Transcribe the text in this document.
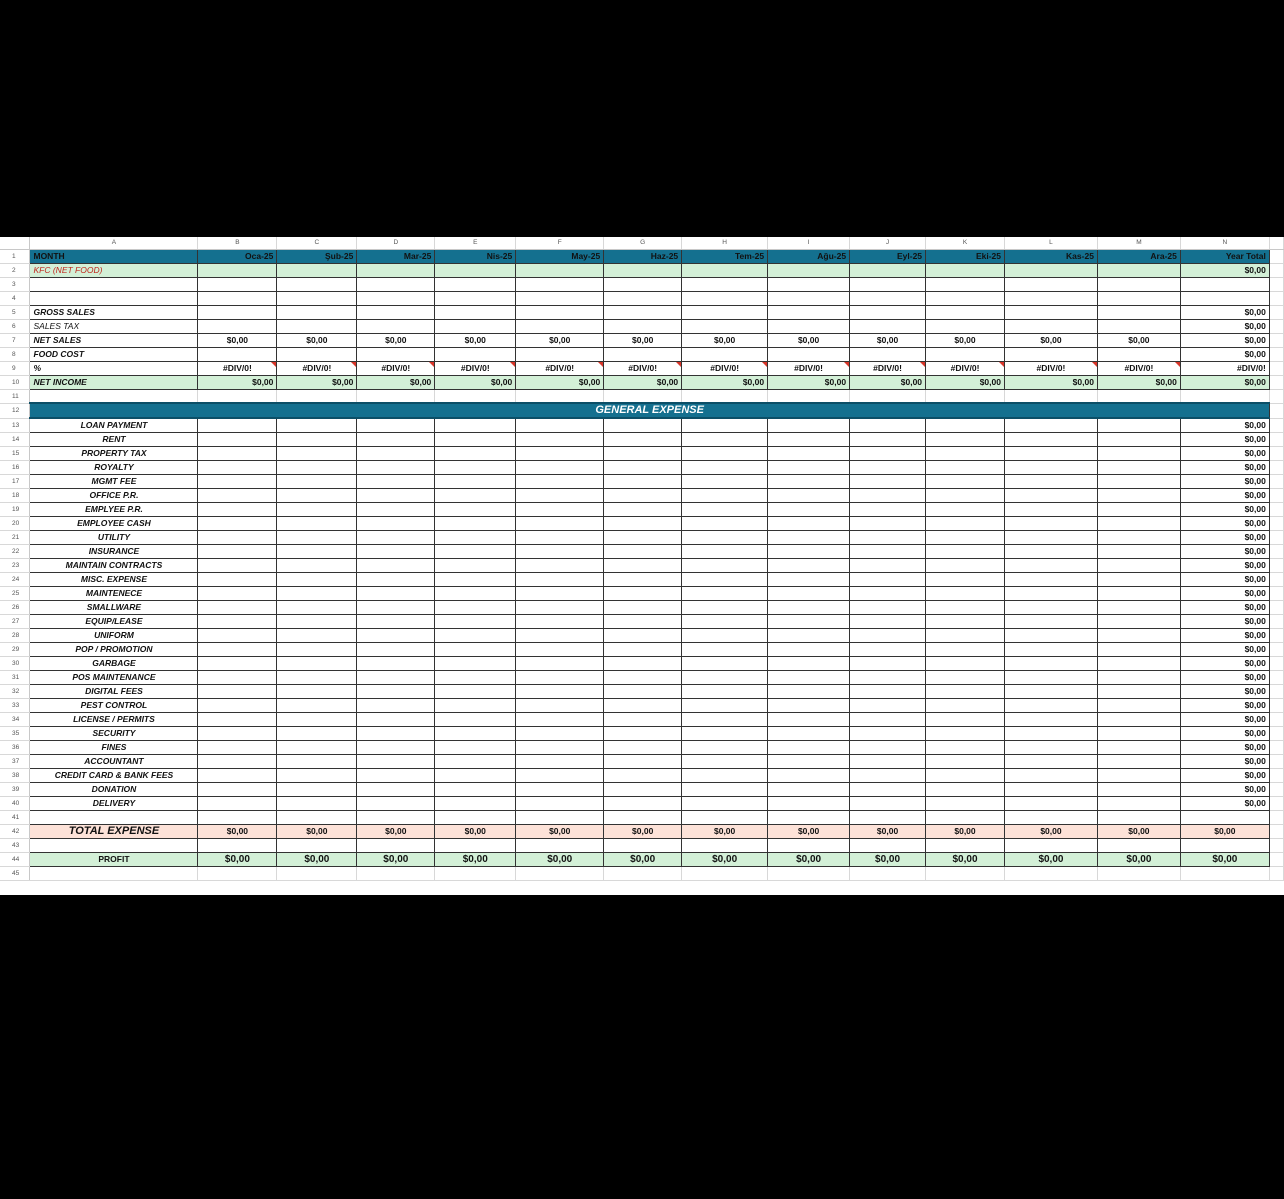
	A	B	C	D	E	F	G	H	I	J	K	L	M	N	
1	MONTH	Oca-25	Şub-25	Mar-25	Nis-25	May-25	Haz-25	Tem-25	Ağu-25	Eyl-25	Eki-25	Kas-25	Ara-25	Year Total	
2	KFC (NET FOOD)													$0,00	
3															
4															
5	GROSS SALES													$0,00	
6	SALES TAX													$0,00	
7	NET SALES	$0,00	$0,00	$0,00	$0,00	$0,00	$0,00	$0,00	$0,00	$0,00	$0,00	$0,00	$0,00	$0,00	
8	FOOD COST													$0,00	
9	%	#DIV/0!	#DIV/0!	#DIV/0!	#DIV/0!	#DIV/0!	#DIV/0!	#DIV/0!	#DIV/0!	#DIV/0!	#DIV/0!	#DIV/0!	#DIV/0!	#DIV/0!	
10	NET INCOME	$0,00	$0,00	$0,00	$0,00	$0,00	$0,00	$0,00	$0,00	$0,00	$0,00	$0,00	$0,00	$0,00	
11															
12	GENERAL EXPENSE														
13	LOAN PAYMENT													$0,00	
14	RENT													$0,00	
15	PROPERTY TAX													$0,00	
16	ROYALTY													$0,00	
17	MGMT FEE													$0,00	
18	OFFICE P.R.													$0,00	
19	EMPLYEE P.R.													$0,00	
20	EMPLOYEE CASH													$0,00	
21	UTILITY													$0,00	
22	INSURANCE													$0,00	
23	MAINTAIN CONTRACTS													$0,00	
24	MISC. EXPENSE													$0,00	
25	MAINTENECE													$0,00	
26	SMALLWARE													$0,00	
27	EQUIP/LEASE													$0,00	
28	UNIFORM													$0,00	
29	POP / PROMOTION													$0,00	
30	GARBAGE													$0,00	
31	POS MAINTENANCE													$0,00	
32	DIGITAL FEES													$0,00	
33	PEST CONTROL													$0,00	
34	LICENSE / PERMITS													$0,00	
35	SECURITY													$0,00	
36	FINES													$0,00	
37	ACCOUNTANT													$0,00	
38	CREDIT CARD & BANK FEES													$0,00	
39	DONATION													$0,00	
40	DELIVERY													$0,00	
41															
42	TOTAL EXPENSE	$0,00	$0,00	$0,00	$0,00	$0,00	$0,00	$0,00	$0,00	$0,00	$0,00	$0,00	$0,00	$0,00	
43															
44	PROFIT	$0,00	$0,00	$0,00	$0,00	$0,00	$0,00	$0,00	$0,00	$0,00	$0,00	$0,00	$0,00	$0,00	
45															
